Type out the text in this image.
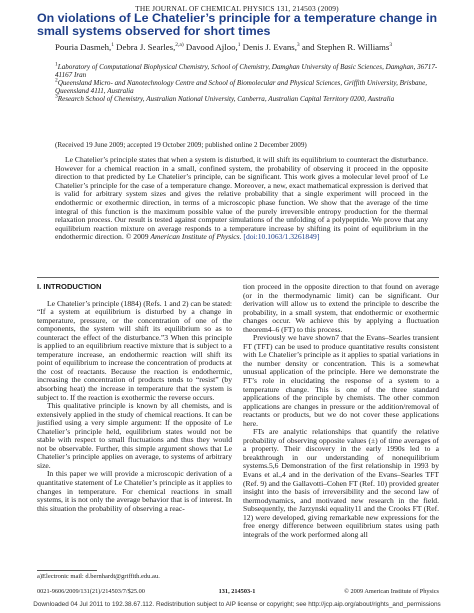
THE JOURNAL OF CHEMICAL PHYSICS 131, 214503 (2009)
On violations of Le Chatelier’s principle for a temperature change in small systems observed for short times
Pouria Dasmeh,$^1$ Debra J. Searles,$^{2,a)}$ Davood Ajloo,$^1$ Denis J. Evans,$^3$ and Stephen R. Williams$^3$
$^1$Laboratory of Computational Biophysical Chemistry, School of Chemistry, Damghan University of Basic Sciences, Damghan, 36717-41167 Iran
$^2$Queensland Micro- and Nanotechnology Centre and School of Biomolecular and Physical Sciences, Griffith University, Brisbane, Queensland 4111, Australia
$^3$Research School of Chemistry, Australian National University, Canberra, Australian Capital Territory 0200, Australia
(Received 19 June 2009; accepted 19 October 2009; published online 2 December 2009)
Le Chatelier’s principle states that when a system is disturbed, it will shift its equilibrium to counteract the disturbance. However for a chemical reaction in a small, confined system, the probability of observing it proceed in the opposite direction to that predicted by Le Chatelier’s principle, can be significant. This work gives a molecular level proof of Le Chatelier’s principle for the case of a temperature change. Moreover, a new, exact mathematical expression is derived that is valid for arbitrary system sizes and gives the relative probability that a single experiment will proceed in the endothermic or exothermic direction, in terms of a microscopic phase function. We show that the average of the time integral of this function is the maximum possible value of the purely irreversible entropy production for the thermal relaxation process. Our result is tested against computer simulations of the unfolding of a polypeptide. We prove that any equilibrium reaction mixture on average responds to a temperature increase by shifting its point of equilibrium in the endothermic direction. © 2009 American Institute of Physics. [doi:10.1063/1.3261849]
I. INTRODUCTION

Le Chatelier’s principle (1884) (Refs. 1 and 2) can be stated: “If a system at equilibrium is disturbed by a change in temperature, pressure, or the concentration of one of the components, the system will shift its equilibrium so as to counteract the effect of the disturbance.”3 When this principle is applied to an equilibrium reactive mixture that is subject to a temperature increase, an endothermic reaction will shift its point of equilibrium to increase the concentration of products at the cost of reactants. Because the reaction is endothermic, increasing the concentration of products tends to “resist” (by absorbing heat) the increase in temperature that the system is subject to. If the reaction is exothermic the reverse occurs.

This qualitative principle is known by all chemists, and is extensively applied in the study of chemical reactions. It can be justified using a very simple argument: If the opposite of Le Chatelier’s principle held, equilibrium states would not be stable with respect to small fluctuations and thus they would not be observable. Further, this simple argument shows that Le Chatelier’s principle applies on average, to systems of arbitrary size.

In this paper we will provide a microscopic derivation of a quantitative statement of Le Chatelier’s principle as it applies to changes in temperature. For chemical reactions in small systems, it is not only the average behavior that is of interest. In this situation the probability of observing a reac-

a)Electronic mail: d.bernhardt@griffith.edu.au.

tion proceed in the opposite direction to that found on average (or in the thermodynamic limit) can be significant. Our derivation will allow us to extend the principle to describe the probability, in a small system, that endothermic or exothermic changes occur. We achieve this by applying a fluctuation theorem4–6 (FT) to this process.

Previously we have shown7 that the Evans–Searles transient FT (TFT) can be used to produce quantitative results consistent with Le Chatelier’s principle as it applies to spatial variations in the number density or concentration. This is a somewhat unusual application of the principle. Here we demonstrate the FT’s role in elucidating the response of a system to a temperature change. This is one of the three standard applications of the principle by chemists. The other common applications are changes in pressure or the addition/removal of reactants or products, but we do not cover these applications here.

FTs are analytic relationships that quantify the relative probability of observing opposite values (±) of time averages of a property. Their discovery in the early 1990s led to a breakthrough in our understanding of nonequilibrium systems.5,6 Demonstration of the first relationship in 1993 by Evans et al.,4 and in the derivation of the Evans–Searles TFT (Ref. 9) and the Gallavotti–Cohen FT (Ref. 10) provided greater insight into the basis of irreversibility and the second law of thermodynamics, and motivated new research in the field. Subsequently, the Jarzynski equality11 and the Crooks FT (Ref. 12) were developed, giving remarkable new expressions for the free energy difference between equilibrium states using path integrals of the work performed along all

0021-9606/2009/131(21)/214503/7/$25.00	131, 214503-1	© 2009 American Institute of Physics
Downloaded 04 Jul 2011 to 192.38.67.112. Redistribution subject to AIP license or copyright; see http://jcp.aip.org/about/rights_and_permissions
